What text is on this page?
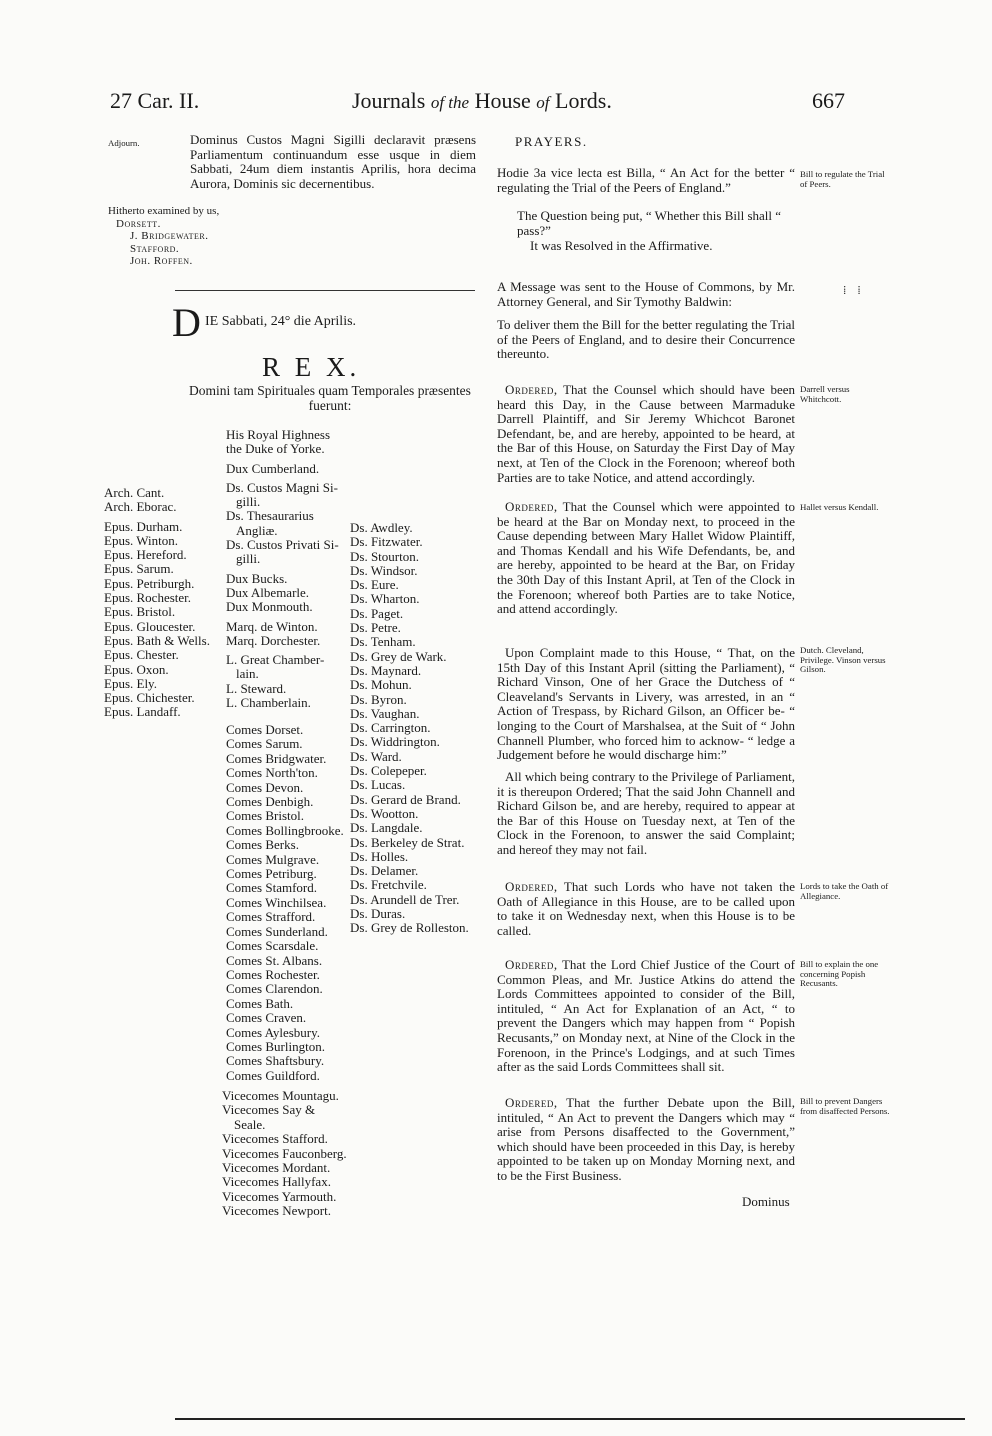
27 Car. II.	Journals of the House of Lords.	667
Adjourn.	Dominus Custos Magni Sigilli declaravit præsens Parliamentum continuandum esse usque in diem Sabbati, 24um diem instantis Aprilis, hora decima Aurora, Dominis sic decernentibus.
Hitherto examined by us,
Dorsett.
J. Bridgewater.
Stafford.
Joh. Roffen.
D IE Sabbati, 24° die Aprilis.
R E X.
Domini tam Spirituales quam Temporales præsentes fuerunt:
Arch. Cant.
Arch. Eborac.
Epus. Durham.
Epus. Winton.
Epus. Hereford.
Epus. Sarum.
Epus. Petriburgh.
Epus. Rochester.
Epus. Bristol.
Epus. Gloucester.
Epus. Bath & Wells.
Epus. Chester.
Epus. Oxon.
Epus. Ely.
Epus. Chichester.
Epus. Landaff.
His Royal Highness
the Duke of Yorke.
Dux Cumberland.
Ds. Custos Magni Si-
gilli.
Ds. Thesaurarius
Angliæ.
Ds. Custos Privati Si-
gilli.
Dux Bucks.
Dux Albemarle.
Dux Monmouth.
Marq. de Winton.
Marq. Dorchester.
L. Great Chamber-
lain.
L. Steward.
L. Chamberlain.
Comes Dorset.
Comes Sarum.
Comes Bridgwater.
Comes North'ton.
Comes Devon.
Comes Denbigh.
Comes Bristol.
Comes Bollingbrooke.
Comes Berks.
Comes Mulgrave.
Comes Petriburg.
Comes Stamford.
Comes Winchilsea.
Comes Strafford.
Comes Sunderland.
Comes Scarsdale.
Comes St. Albans.
Comes Rochester.
Comes Clarendon.
Comes Bath.
Comes Craven.
Comes Aylesbury.
Comes Burlington.
Comes Shaftsbury.
Comes Guildford.
Vicecomes Mountagu.
Vicecomes Say &
Seale.
Vicecomes Stafford.
Vicecomes Fauconberg.
Vicecomes Mordant.
Vicecomes Hallyfax.
Vicecomes Yarmouth.
Vicecomes Newport.
Ds. Awdley.
Ds. Fitzwater.
Ds. Stourton.
Ds. Windsor.
Ds. Eure.
Ds. Wharton.
Ds. Paget.
Ds. Petre.
Ds. Tenham.
Ds. Grey de Wark.
Ds. Maynard.
Ds. Mohun.
Ds. Byron.
Ds. Vaughan.
Ds. Carrington.
Ds. Widdrington.
Ds. Ward.
Ds. Colepeper.
Ds. Lucas.
Ds. Gerard de Brand.
Ds. Wootton.
Ds. Langdale.
Ds. Berkeley de Strat.
Ds. Holles.
Ds. Delamer.
Ds. Fretchvile.
Ds. Arundell de Trer.
Ds. Duras.
Ds. Grey de Rolleston.
PRAYERS.
Hodie 3a vice lecta est Billa, “ An Act for the better “ regulating the Trial of the Peers of England.”
Bill to regulate the Trial of Peers.
The Question being put, “ Whether this Bill shall “ pass?”
It was Resolved in the Affirmative.
A Message was sent to the House of Commons, by Mr. Attorney General, and Sir Tymothy Baldwin:
⁞ ⁞
To deliver them the Bill for the better regulating the Trial of the Peers of England, and to desire their Concurrence thereunto.
Ordered, That the Counsel which should have been heard this Day, in the Cause between Marmaduke Darrell Plaintiff, and Sir Jeremy Whichcot Baronet Defendant, be, and are hereby, appointed to be heard, at the Bar of this House, on Saturday the First Day of May next, at Ten of the Clock in the Forenoon; whereof both Parties are to take Notice, and attend accordingly.
Darrell versus Whitchcott.
Ordered, That the Counsel which were appointed to be heard at the Bar on Monday next, to proceed in the Cause depending between Mary Hallet Widow Plaintiff, and Thomas Kendall and his Wife Defendants, be, and are hereby, appointed to be heard at the Bar, on Friday the 30th Day of this Instant April, at Ten of the Clock in the Forenoon; whereof both Parties are to take Notice, and attend accordingly.
Hallet versus Kendall.
Upon Complaint made to this House, “ That, on the 15th Day of this Instant April (sitting the Parliament), “ Richard Vinson, One of her Grace the Dutchess of “ Cleaveland's Servants in Livery, was arrested, in an “ Action of Trespass, by Richard Gilson, an Officer be- “ longing to the Court of Marshalsea, at the Suit of “ John Channell Plumber, who forced him to acknow- “ ledge a Judgement before he would discharge him:”
Dutch. Cleveland, Privilege. Vinson versus Gilson.
All which being contrary to the Privilege of Parliament, it is thereupon Ordered; That the said John Channell and Richard Gilson be, and are hereby, required to appear at the Bar of this House on Tuesday next, at Ten of the Clock in the Forenoon, to answer the said Complaint; and hereof they may not fail.
Ordered, That such Lords who have not taken the Oath of Allegiance in this House, are to be called upon to take it on Wednesday next, when this House is to be called.
Lords to take the Oath of Allegiance.
Ordered, That the Lord Chief Justice of the Court of Common Pleas, and Mr. Justice Atkins do attend the Lords Committees appointed to consider of the Bill, intituled, “ An Act for Explanation of an Act, “ to prevent the Dangers which may happen from “ Popish Recusants,” on Monday next, at Nine of the Clock in the Forenoon, in the Prince's Lodgings, and at such Times after as the said Lords Committees shall sit.
Bill to explain the one concerning Popish Recusants.
Ordered, That the further Debate upon the Bill, intituled, “ An Act to prevent the Dangers which may “ arise from Persons disaffected to the Government,” which should have been proceeded in this Day, is hereby appointed to be taken up on Monday Morning next, and to be the First Business.
Bill to prevent Dangers from disaffected Persons.
Dominus
